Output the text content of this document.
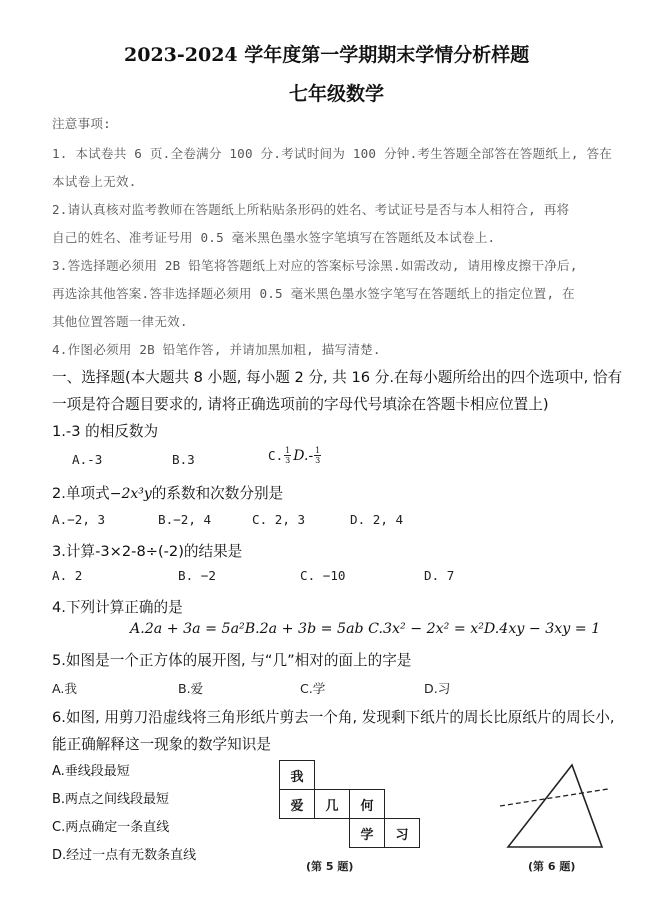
2023-2024 学年度第一学期期末学情分析样题
七年级数学
注意事项:
1. 本试卷共 6 页.全卷满分 100 分.考试时间为 100 分钟.考生答题全部答在答题纸上, 答在
本试卷上无效.
2.请认真核对监考教师在答题纸上所粘贴条形码的姓名、考试证号是否与本人相符合, 再将
自己的姓名、准考证号用 0.5 毫米黑色墨水签字笔填写在答题纸及本试卷上.
3.答选择题必须用 2B 铅笔将答题纸上对应的答案标号涂黑.如需改动, 请用橡皮擦干净后,
再选涂其他答案.答非选择题必须用 0.5 毫米黑色墨水签字笔写在答题纸上的指定位置, 在
其他位置答题一律无效.
4.作图必须用 2B 铅笔作答, 并请加黑加粗, 描写清楚.
一、选择题(本大题共 8 小题, 每小题 2 分, 共 16 分.在每小题所给出的四个选项中, 恰有
一项是符合题目要求的, 请将正确选项前的字母代号填涂在答题卡相应位置上)
1.-3 的相反数为
A.-3	B.3	C. 1
3 D.- 1
3
2.单项式−2x³y的系数和次数分别是
A.−2, 3	B.−2, 4	C. 2, 3	D. 2, 4
3.计算-3×2-8÷(-2)的结果是
A. 2	B. −2	C. −10	D. 7
4.下列计算正确的是
A.2a + 3a = 5a²B.2a + 3b = 5ab C.3x² − 2x² = x²D.4xy − 3xy = 1
5.如图是一个正方体的展开图, 与“几”相对的面上的字是
A.我	B.爱	C.学	D.习
6.如图, 用剪刀沿虚线将三角形纸片剪去一个角, 发现剩下纸片的周长比原纸片的周长小,
能正确解释这一现象的数学知识是
A.垂线段最短
B.两点之间线段最短
C.两点确定一条直线
D.经过一点有无数条直线
我
爱	几	何
学	习
(第 5 题)	(第 6 题)
